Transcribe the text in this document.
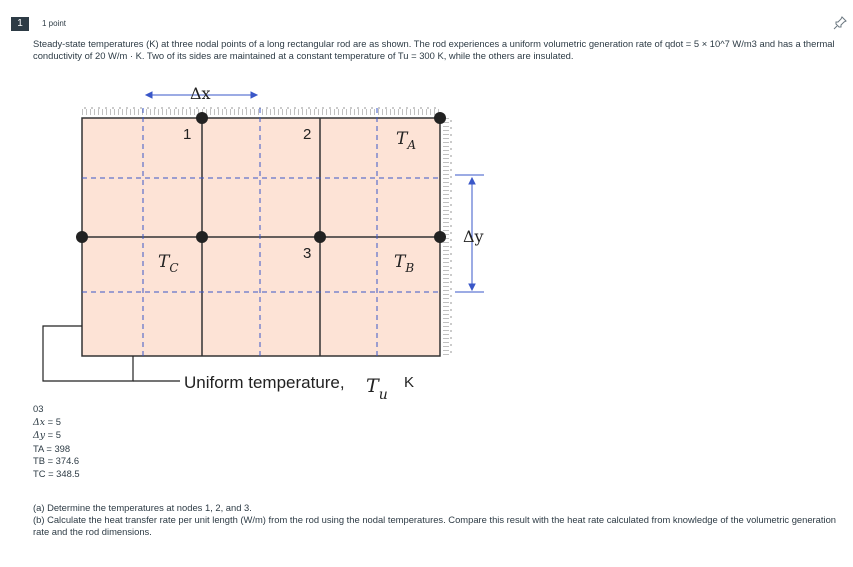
1	1 point
Steady-state temperatures (K) at three nodal points of a long rectangular rod are as shown. The rod experiences a uniform volumetric generation rate of qdot = 5 × 10^7 W/m3 and has a thermal conductivity of 20 W/m · K. Two of its sides are maintained at a constant temperature of Tu = 300 K, while the others are insulated.
Δx
Δy
1	2
3
$T_A$
$T_B$
$T_C$
Uniform temperature, $T_u$
K
03
Δx = 5
Δy = 5
TA = 398
TB = 374.6
TC = 348.5
(a) Determine the temperatures at nodes 1, 2, and 3.
(b) Calculate the heat transfer rate per unit length (W/m) from the rod using the nodal temperatures. Compare this result with the heat rate calculated from knowledge of the volumetric generation rate and the rod dimensions.
